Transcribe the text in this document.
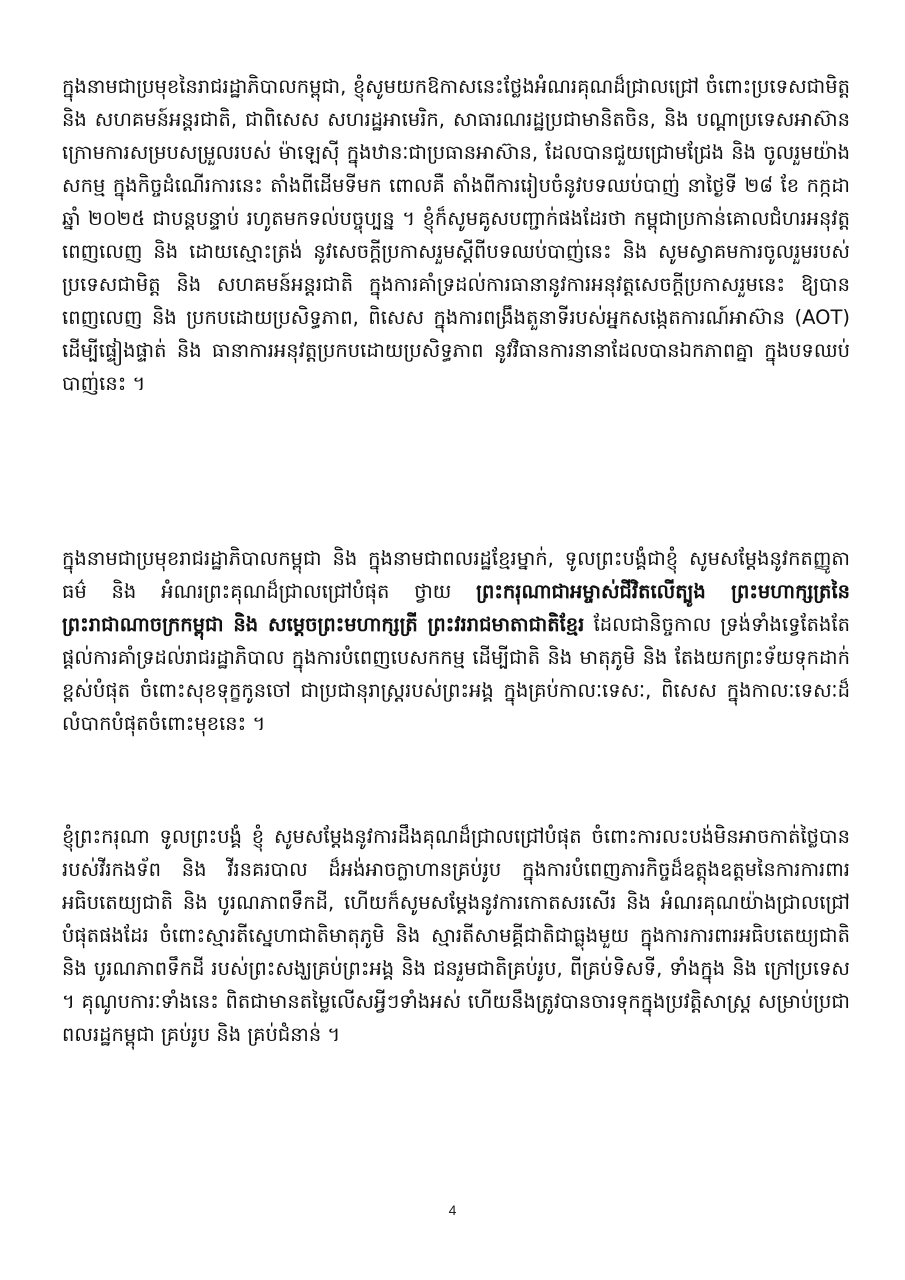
ក្នុងនាមជាប្រមុខនៃរាជរដ្ឋាភិបាលកម្ពុជា, ខ្ញុំសូមយកឱកាសនេះថ្លែងអំណរគុណដ៏ជ្រាលជ្រៅ ចំពោះប្រទេសជាមិត្ត និង សហគមន៍អន្តរជាតិ, ជាពិសេស សហរដ្ឋអាមេរិក, សាធារណរដ្ឋប្រជាមានិតចិន, និង បណ្តាប្រទេសអាស៊ាន ក្រោមការសម្របសម្រួលរបស់ ម៉ាឡេស៊ី ក្នុងឋានៈជាប្រធានអាស៊ាន, ដែលបានជួយជ្រោមជ្រែង និង ចូលរួមយ៉ាងសកម្ម ក្នុងកិច្ចដំណើរការនេះ តាំងពីដើមទីមក ពោលគឺ តាំងពីការរៀបចំនូវបទឈប់បាញ់ នាថ្ងៃទី ២៨ ខែ កក្កដា ឆ្នាំ ២០២៥ ជាបន្តបន្ទាប់ រហូតមកទល់បច្ចុប្បន្ន ។ ខ្ញុំក៏សូមគូសបញ្ជាក់ផងដែរថា កម្ពុជាប្រកាន់គោលជំហរអនុវត្តពេញលេញ និង ដោយស្មោះត្រង់ នូវសេចក្តីប្រកាសរួមស្តីពីបទឈប់បាញ់នេះ និង សូមស្វាគមការចូលរួមរបស់ប្រទេសជាមិត្ត និង សហគមន៍អន្តរជាតិ ក្នុងការគាំទ្រដល់ការធានានូវការអនុវត្តសេចក្តីប្រកាសរួមនេះ ឱ្យបានពេញលេញ និង ប្រកបដោយប្រសិទ្ធភាព, ពិសេស ក្នុងការពង្រឹងតួនាទីរបស់អ្នកសង្កេតការណ៍អាស៊ាន (AOT) ដើម្បីផ្ទៀងផ្ទាត់ និង ធានាការអនុវត្តប្រកបដោយប្រសិទ្ធភាព នូវវិធានការនានាដែលបានឯកភាពគ្នា ក្នុងបទឈប់បាញ់នេះ ។

ក្នុងនាមជាប្រមុខរាជរដ្ឋាភិបាលកម្ពុជា និង ក្នុងនាមជាពលរដ្ឋខ្មែរម្នាក់, ទូលព្រះបង្គំជាខ្ញុំ សូមសម្តែងនូវកតញ្ញូតាធម៌ និង អំណរព្រះគុណដ៏ជ្រាលជ្រៅបំផុត ថ្វាយ ព្រះករុណាជាអម្ចាស់ជីវិតលើត្បូង ព្រះមហាក្សត្រនៃ ព្រះរាជាណាចក្រកម្ពុជា និង សម្តេចព្រះមហាក្សត្រី ព្រះវររាជមាតាជាតិខ្មែរ ដែលជានិច្ចកាល ទ្រង់ទាំងទ្វេតែងតែផ្តល់ការគាំទ្រដល់រាជរដ្ឋាភិបាល ក្នុងការបំពេញបេសកកម្ម ដើម្បីជាតិ និង មាតុភូមិ និង តែងយកព្រះទ័យទុកដាក់ខ្ពស់បំផុត ចំពោះសុខទុក្ខកូនចៅ ជាប្រជានុរាស្ត្ររបស់ព្រះអង្គ ក្នុងគ្រប់កាលៈទេសៈ, ពិសេស ក្នុងកាលៈទេសៈដ៏លំបាកបំផុតចំពោះមុខនេះ ។

ខ្ញុំព្រះករុណា ទូលព្រះបង្គំ ខ្ញុំ សូមសម្តែងនូវការដឹងគុណដ៏ជ្រាលជ្រៅបំផុត ចំពោះការលះបង់មិនអាចកាត់ថ្លៃបាន របស់វីរកងទ័ព និង វីរនគរបាល ដ៏អង់អាចក្លាហានគ្រប់រូប ក្នុងការបំពេញភារកិច្ចដ៏ឧត្តុងឧត្តមនៃការការពារអធិបតេយ្យជាតិ និង បូរណភាពទឹកដី, ហើយក៏សូមសម្តែងនូវការកោតសរសើរ និង អំណរគុណយ៉ាងជ្រាលជ្រៅបំផុតផងដែរ ចំពោះស្មារតីស្នេហាជាតិមាតុភូមិ និង ស្មារតីសាមគ្គីជាតិជាធ្លុងមួយ ក្នុងការការពារអធិបតេយ្យជាតិ និង បូរណភាពទឹកដី របស់ព្រះសង្ឃគ្រប់ព្រះអង្គ និង ជនរួមជាតិគ្រប់រូប, ពីគ្រប់ទិសទី, ទាំងក្នុង និង ក្រៅប្រទេស ។ គុណូបការៈទាំងនេះ ពិតជាមានតម្លៃលើសអ្វីៗទាំងអស់ ហើយនឹងត្រូវបានចារទុកក្នុងប្រវត្តិសាស្ត្រ សម្រាប់ប្រជាពលរដ្ឋកម្ពុជា គ្រប់រូប និង គ្រប់ជំនាន់ ។

4
